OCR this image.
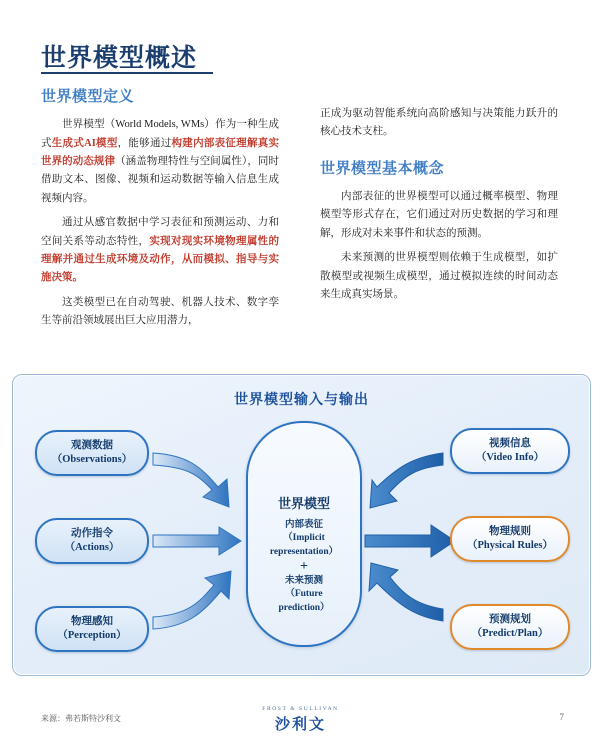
世界模型概述
世界模型定义

世界模型（World Models, WMs）作为一种生成式生成式AI模型，能够通过构建内部表征理解真实世界的动态规律（涵盖物理特性与空间属性），同时借助文本、图像、视频和运动数据等输入信息生成视频内容。

通过从感官数据中学习表征和预测运动、力和空间关系等动态特性，实现对现实环境物理属性的理解并通过生成环境及动作，从而模拟、指导与实施决策。

这类模型已在自动驾驶、机器人技术、数字孪生等前沿领域展出巨大应用潜力，

正成为驱动智能系统向高阶感知与决策能力跃升的核心技术支柱。

世界模型基本概念

内部表征的世界模型可以通过概率模型、物理模型等形式存在，它们通过对历史数据的学习和理解，形成对未来事件和状态的预测。

未来预测的世界模型则依赖于生成模型，如扩散模型或视频生成模型，通过模拟连续的时间动态来生成真实场景。

世界模型输入与输出
观测数据
（Observations）
动作指令
（Actions）
物理感知
（Perception）
世界模型
内部表征
（Implicit
representation）
+
未来预测
（Future
prediction）
视频信息
（Video Info）
物理规则
（Physical Rules）
预测规划
（Predict/Plan）
来源：弗若斯特沙利文
FROST & SULLIVAN
沙利文	7
